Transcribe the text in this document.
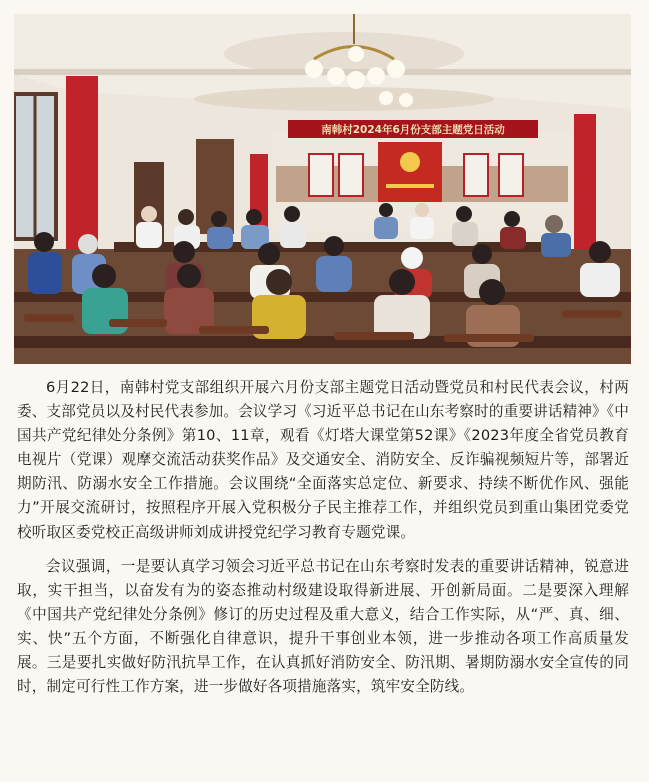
南韩村2024年6月份支部主题党日活动

6月22日，南韩村党支部组织开展六月份支部主题党日活动暨党员和村民代表会议，村两委、支部党员以及村民代表参加。会议学习《习近平总书记在山东考察时的重要讲话精神》《中国共产党纪律处分条例》第10、11章，观看《灯塔大课堂第52课》《2023年度全省党员教育电视片（党课）观摩交流活动获奖作品》及交通安全、消防安全、反诈骗视频短片等，部署近期防汛、防溺水安全工作措施。会议围绕“全面落实总定位、新要求、持续不断优作风、强能力”开展交流研讨，按照程序开展入党积极分子民主推荐工作，并组织党员到重山集团党委党校听取区委党校正高级讲师刘成讲授党纪学习教育专题党课。

会议强调，一是要认真学习领会习近平总书记在山东考察时发表的重要讲话精神，锐意进取，实干担当，以奋发有为的姿态推动村级建设取得新进展、开创新局面。二是要深入理解《中国共产党纪律处分条例》修订的历史过程及重大意义，结合工作实际，从“严、真、细、实、快”五个方面，不断强化自律意识，提升干事创业本领，进一步推动各项工作高质量发展。三是要扎实做好防汛抗旱工作，在认真抓好消防安全、防汛期、暑期防溺水安全宣传的同时，制定可行性工作方案，进一步做好各项措施落实，筑牢安全防线。
